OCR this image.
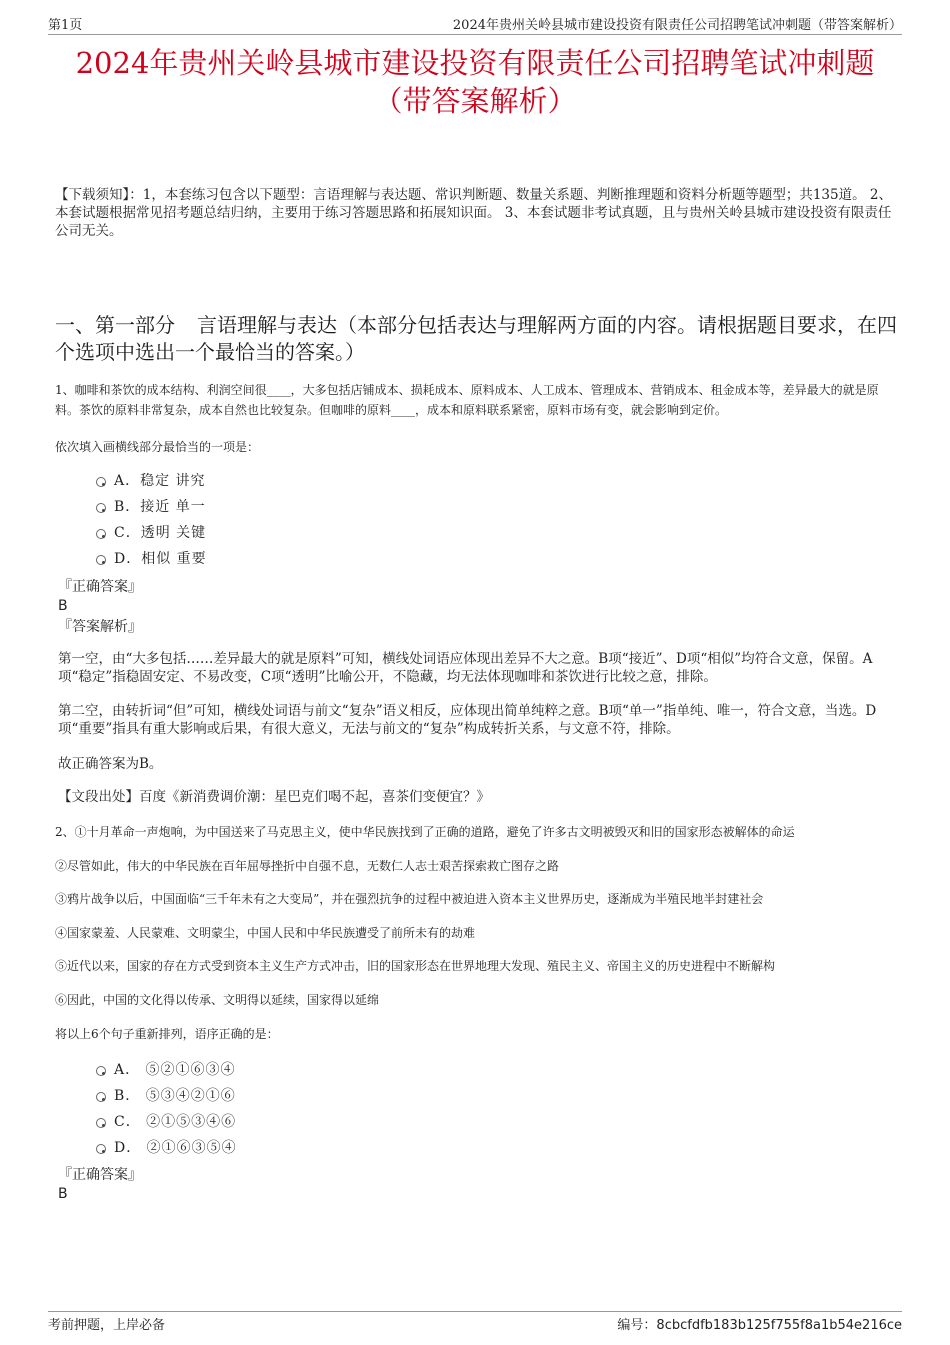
第1页	2024年贵州关岭县城市建设投资有限责任公司招聘笔试冲刺题（带答案解析）
2024年贵州关岭县城市建设投资有限责任公司招聘笔试冲刺题
（带答案解析）
【下载须知】：1，本套练习包含以下题型：言语理解与表达题、常识判断题、数量关系题、判断推理题和资料分析题等题型；共135道。 2、本套试题根据常见招考题总结归纳，主要用于练习答题思路和拓展知识面。 3、本套试题非考试真题，且与贵州关岭县城市建设投资有限责任公司无关。
一、第一部分 言语理解与表达（本部分包括表达与理解两方面的内容。请根据题目要求，在四个选项中选出一个最恰当的答案。）
1、咖啡和茶饮的成本结构、利润空间很____，大多包括店铺成本、损耗成本、原料成本、人工成本、管理成本、营销成本、租金成本等，差异最大的就是原料。茶饮的原料非常复杂，成本自然也比较复杂。但咖啡的原料____，成本和原料联系紧密，原料市场有变，就会影响到定价。
依次填入画横线部分最恰当的一项是：
A．稳定 讲究
B．接近 单一
C．透明 关键
D．相似 重要
『正确答案』
B
『答案解析』
第一空，由“大多包括……差异最大的就是原料”可知，横线处词语应体现出差异不大之意。B项“接近”、D项“相似”均符合文意，保留。A项“稳定”指稳固安定、不易改变，C项“透明”比喻公开，不隐藏，均无法体现咖啡和茶饮进行比较之意，排除。
第二空，由转折词“但”可知，横线处词语与前文“复杂”语义相反，应体现出简单纯粹之意。B项“单一”指单纯、唯一，符合文意，当选。D项“重要”指具有重大影响或后果，有很大意义，无法与前文的“复杂”构成转折关系，与文意不符，排除。
故正确答案为B。
【文段出处】百度《新消费调价潮：星巴克们喝不起，喜茶们变便宜？》
2、①十月革命一声炮响，为中国送来了马克思主义，使中华民族找到了正确的道路，避免了许多古文明被毁灭和旧的国家形态被解体的命运
②尽管如此，伟大的中华民族在百年屈辱挫折中自强不息，无数仁人志士艰苦探索救亡图存之路
③鸦片战争以后，中国面临“三千年未有之大变局”，并在强烈抗争的过程中被迫进入资本主义世界历史，逐渐成为半殖民地半封建社会
④国家蒙羞、人民蒙难、文明蒙尘，中国人民和中华民族遭受了前所未有的劫难
⑤近代以来，国家的存在方式受到资本主义生产方式冲击，旧的国家形态在世界地理大发现、殖民主义、帝国主义的历史进程中不断解构
⑥因此，中国的文化得以传承、文明得以延续，国家得以延绵
将以上6个句子重新排列，语序正确的是：
A． ⑤②①⑥③④
B． ⑤③④②①⑥
C． ②①⑤③④⑥
D． ②①⑥③⑤④
『正确答案』
B
考前押题，上岸必备	编号：8cbcfdfb183b125f755f8a1b54e216ce
